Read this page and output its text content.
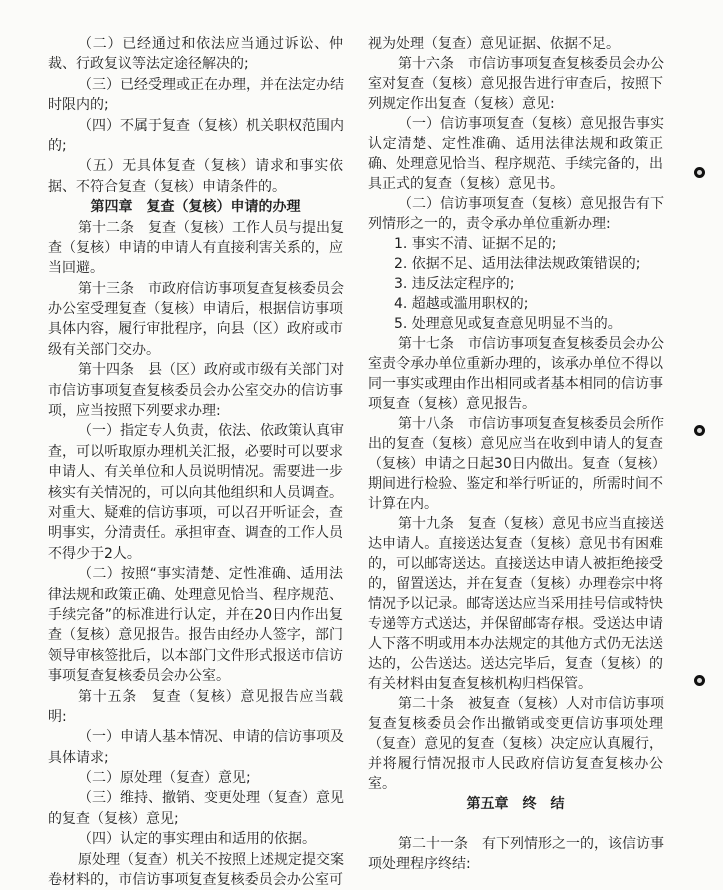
（二）已经通过和依法应当通过诉讼、仲
裁、行政复议等法定途径解决的;
（三）已经受理或正在办理，并在法定办结
时限内的;
（四）不属于复查（复核）机关职权范围内
的;
（五）无具体复查（复核）请求和事实依
据、不符合复查（复核）申请条件的。
第四章　复查（复核）申请的办理
第十二条　复查（复核）工作人员与提出复
查（复核）申请的申请人有直接利害关系的，应
当回避。
第十三条　市政府信访事项复查复核委员会
办公室受理复查（复核）申请后，根据信访事项
具体内容，履行审批程序，向县（区）政府或市
级有关部门交办。
第十四条　县（区）政府或市级有关部门对
市信访事项复查复核委员会办公室交办的信访事
项，应当按照下列要求办理:
（一）指定专人负责，依法、依政策认真审
查，可以听取原办理机关汇报，必要时可以要求
申请人、有关单位和人员说明情况。需要进一步
核实有关情况的，可以向其他组织和人员调查。
对重大、疑难的信访事项，可以召开听证会，查
明事实，分清责任。承担审查、调查的工作人员
不得少于2人。
（二）按照“事实清楚、定性准确、适用法
律法规和政策正确、处理意见恰当、程序规范、
手续完备”的标准进行认定，并在20日内作出复
查（复核）意见报告。报告由经办人签字，部门
领导审核签批后，以本部门文件形式报送市信访
事项复查复核委员会办公室。
第十五条　复查（复核）意见报告应当载
明:
（一）申请人基本情况、申请的信访事项及
具体请求;
（二）原处理（复查）意见;
（三）维持、撤销、变更处理（复查）意见
的复查（复核）意见;
（四）认定的事实理由和适用的依据。
原处理（复查）机关不按照上述规定提交案
卷材料的，市信访事项复查复核委员会办公室可
视为处理（复查）意见证据、依据不足。
第十六条　市信访事项复查复核委员会办公
室对复查（复核）意见报告进行审查后，按照下
列规定作出复查（复核）意见:
（一）信访事项复查（复核）意见报告事实
认定清楚、定性准确、适用法律法规和政策正
确、处理意见恰当、程序规范、手续完备的，出
具正式的复查（复核）意见书。
（二）信访事项复查（复核）意见报告有下
列情形之一的，责令承办单位重新办理:
1. 事实不清、证据不足的;
2. 依据不足、适用法律法规政策错误的;
3. 违反法定程序的;
4. 超越或滥用职权的;
5. 处理意见或复查意见明显不当的。
第十七条　市信访事项复查复核委员会办公
室责令承办单位重新办理的，该承办单位不得以
同一事实或理由作出相同或者基本相同的信访事
项复查（复核）意见报告。
第十八条　市信访事项复查复核委员会所作
出的复查（复核）意见应当在收到申请人的复查
（复核）申请之日起30日内做出。复查（复核）
期间进行检验、鉴定和举行听证的，所需时间不
计算在内。
第十九条　复查（复核）意见书应当直接送
达申请人。直接送达复查（复核）意见书有困难
的，可以邮寄送达。直接送达申请人被拒绝接受
的，留置送达，并在复查（复核）办理卷宗中将
情况予以记录。邮寄送达应当采用挂号信或特快
专递等方式送达，并保留邮寄存根。受送达申请
人下落不明或用本办法规定的其他方式仍无法送
达的，公告送达。送达完毕后，复查（复核）的
有关材料由复查复核机构归档保管。
第二十条　被复查（复核）人对市信访事项
复查复核委员会作出撤销或变更信访事项处理
（复查）意见的复查（复核）决定应认真履行，
并将履行情况报市人民政府信访复查复核办公
室。
第五章　终　结
第二十一条　有下列情形之一的，该信访事
项处理程序终结:
